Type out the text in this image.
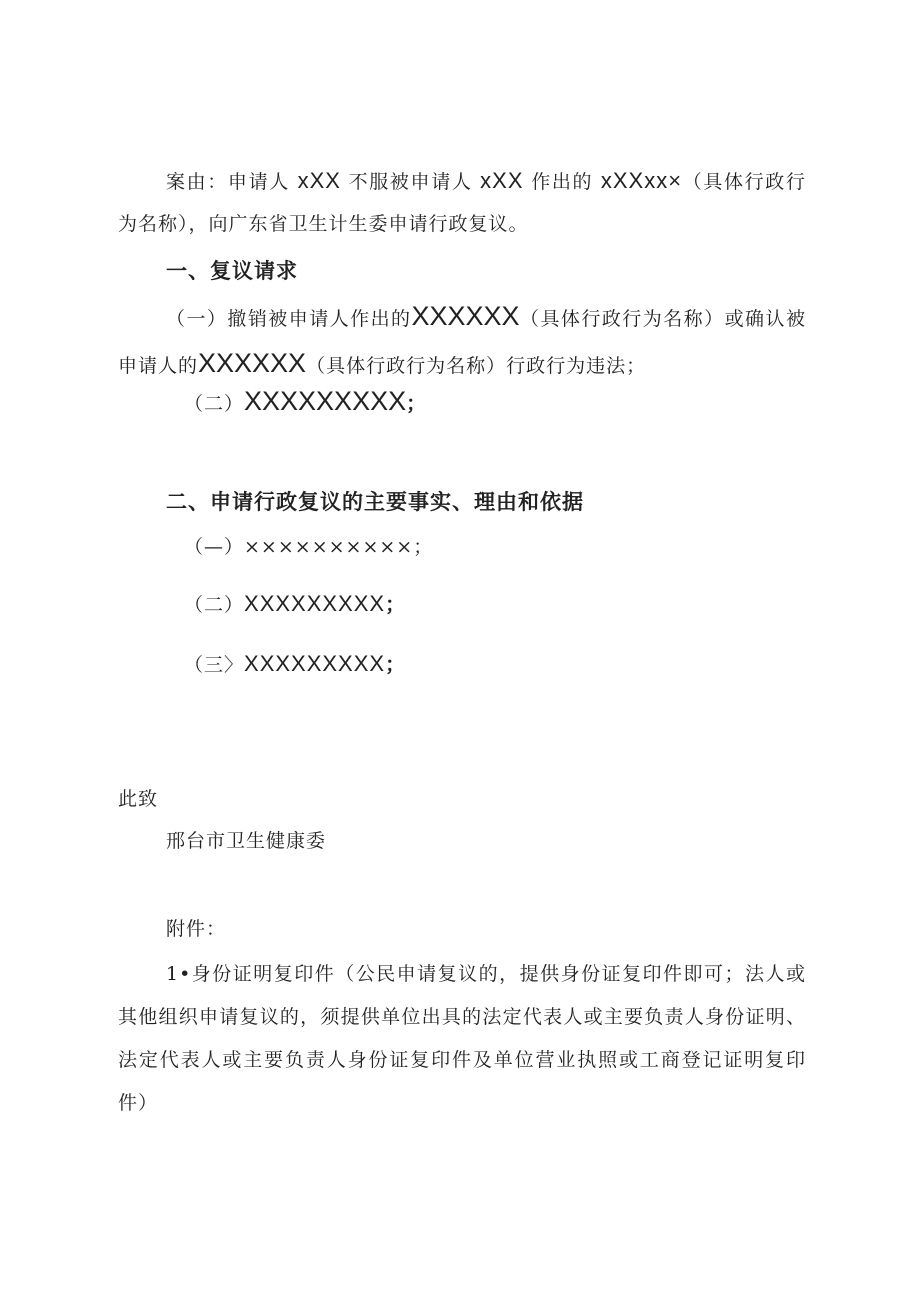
案由：申请人 xXX 不服被申请人 xXX 作出的 xXXxx×（具体行政行为名称），向广东省卫生计生委申请行政复议。

一、复议请求

（一）撤销被申请人作出的XXXXXX（具体行政行为名称）或确认被申请人的XXXXXX（具体行政行为名称）行政行为违法；

（二）XXXXXXXXX；

二、申请行政复议的主要事实、理由和依据

（—）××××××××××；

（二）XXXXXXXXX；

（三〉XXXXXXXXX；

此致

邢台市卫生健康委

附件：

1•身份证明复印件（公民申请复议的，提供身份证复印件即可；法人或其他组织申请复议的，须提供单位出具的法定代表人或主要负责人身份证明、法定代表人或主要负责人身份证复印件及单位营业执照或工商登记证明复印件）
